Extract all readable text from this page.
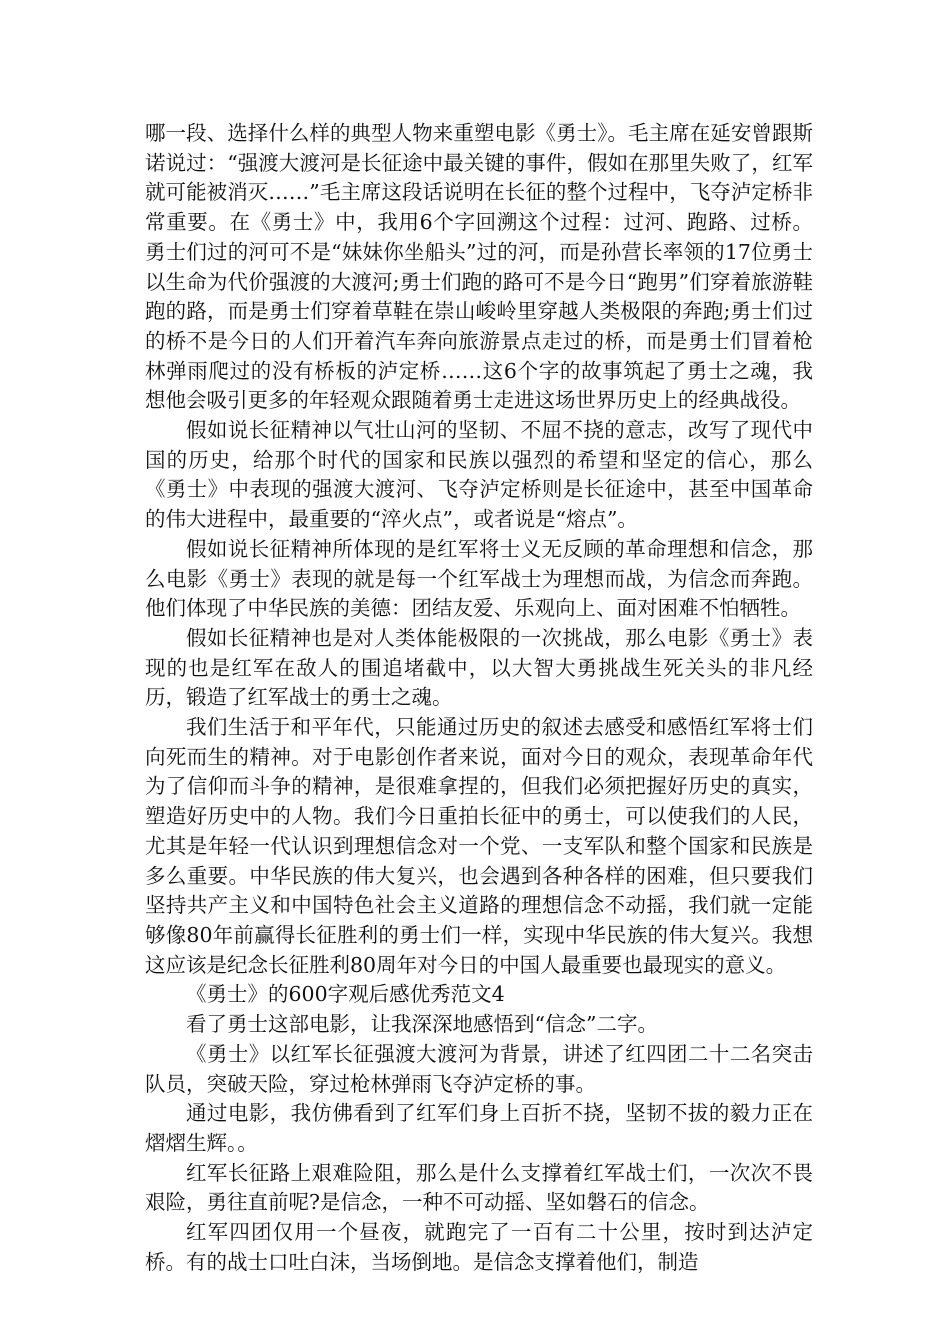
哪一段、选择什么样的典型人物来重塑电影《勇士》。毛主席在延安曾跟斯诺说过：“强渡大渡河是长征途中最关键的事件，假如在那里失败了，红军就可能被消灭……”毛主席这段话说明在长征的整个过程中，飞夺泸定桥非常重要。在《勇士》中，我用6个字回溯这个过程：过河、跑路、过桥。勇士们过的河可不是“妹妹你坐船头”过的河，而是孙营长率领的17位勇士以生命为代价强渡的大渡河;勇士们跑的路可不是今日“跑男”们穿着旅游鞋跑的路，而是勇士们穿着草鞋在崇山峻岭里穿越人类极限的奔跑;勇士们过的桥不是今日的人们开着汽车奔向旅游景点走过的桥，而是勇士们冒着枪林弹雨爬过的没有桥板的泸定桥……这6个字的故事筑起了勇士之魂，我想他会吸引更多的年轻观众跟随着勇士走进这场世界历史上的经典战役。

假如说长征精神以气壮山河的坚韧、不屈不挠的意志，改写了现代中国的历史，给那个时代的国家和民族以强烈的希望和坚定的信心，那么《勇士》中表现的强渡大渡河、飞夺泸定桥则是长征途中，甚至中国革命的伟大进程中，最重要的“淬火点”，或者说是“熔点”。

假如说长征精神所体现的是红军将士义无反顾的革命理想和信念，那么电影《勇士》表现的就是每一个红军战士为理想而战，为信念而奔跑。他们体现了中华民族的美德：团结友爱、乐观向上、面对困难不怕牺牲。

假如长征精神也是对人类体能极限的一次挑战，那么电影《勇士》表现的也是红军在敌人的围追堵截中，以大智大勇挑战生死关头的非凡经历，锻造了红军战士的勇士之魂。

我们生活于和平年代，只能通过历史的叙述去感受和感悟红军将士们向死而生的精神。对于电影创作者来说，面对今日的观众，表现革命年代为了信仰而斗争的精神，是很难拿捏的，但我们必须把握好历史的真实，塑造好历史中的人物。我们今日重拍长征中的勇士，可以使我们的人民，尤其是年轻一代认识到理想信念对一个党、一支军队和整个国家和民族是多么重要。中华民族的伟大复兴，也会遇到各种各样的困难，但只要我们坚持共产主义和中国特色社会主义道路的理想信念不动摇，我们就一定能够像80年前赢得长征胜利的勇士们一样，实现中华民族的伟大复兴。我想这应该是纪念长征胜利80周年对今日的中国人最重要也最现实的意义。

《勇士》的600字观后感优秀范文4

看了勇士这部电影，让我深深地感悟到“信念”二字。

《勇士》以红军长征强渡大渡河为背景，讲述了红四团二十二名突击队员，突破天险，穿过枪林弹雨飞夺泸定桥的事。

通过电影，我仿佛看到了红军们身上百折不挠，坚韧不拔的毅力正在熠熠生辉。。

红军长征路上艰难险阻，那么是什么支撑着红军战士们，一次次不畏艰险，勇往直前呢?是信念，一种不可动摇、坚如磐石的信念。

红军四团仅用一个昼夜，就跑完了一百有二十公里，按时到达泸定桥。有的战士口吐白沫，当场倒地。是信念支撑着他们，制造
